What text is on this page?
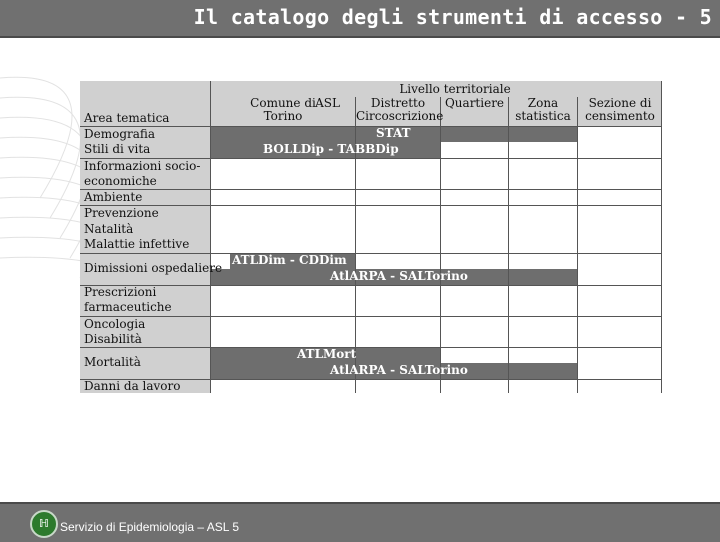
Il catalogo degli strumenti di accesso - 5
Livello territoriale
Area tematica
Comune di
Torino
ASL	Distretto
Circoscrizione
Quartiere	Zona
statistica
Sezione di
censimento
Demografia
Stili di vita
Informazioni socio-
economiche
Ambiente
Prevenzione
Natalità
Malattie infettive
Dimissioni ospedaliere
Prescrizioni
farmaceutiche
Oncologia
Disabilità
Mortalità
Danni da lavoro
STAT
BOLLDip - TABBDip
ATLDim - CDDim
AtlARPA - SALTorino
ATLMort
AtlARPA - SALTorino
ℍ Servizio di Epidemiologia – ASL 5
